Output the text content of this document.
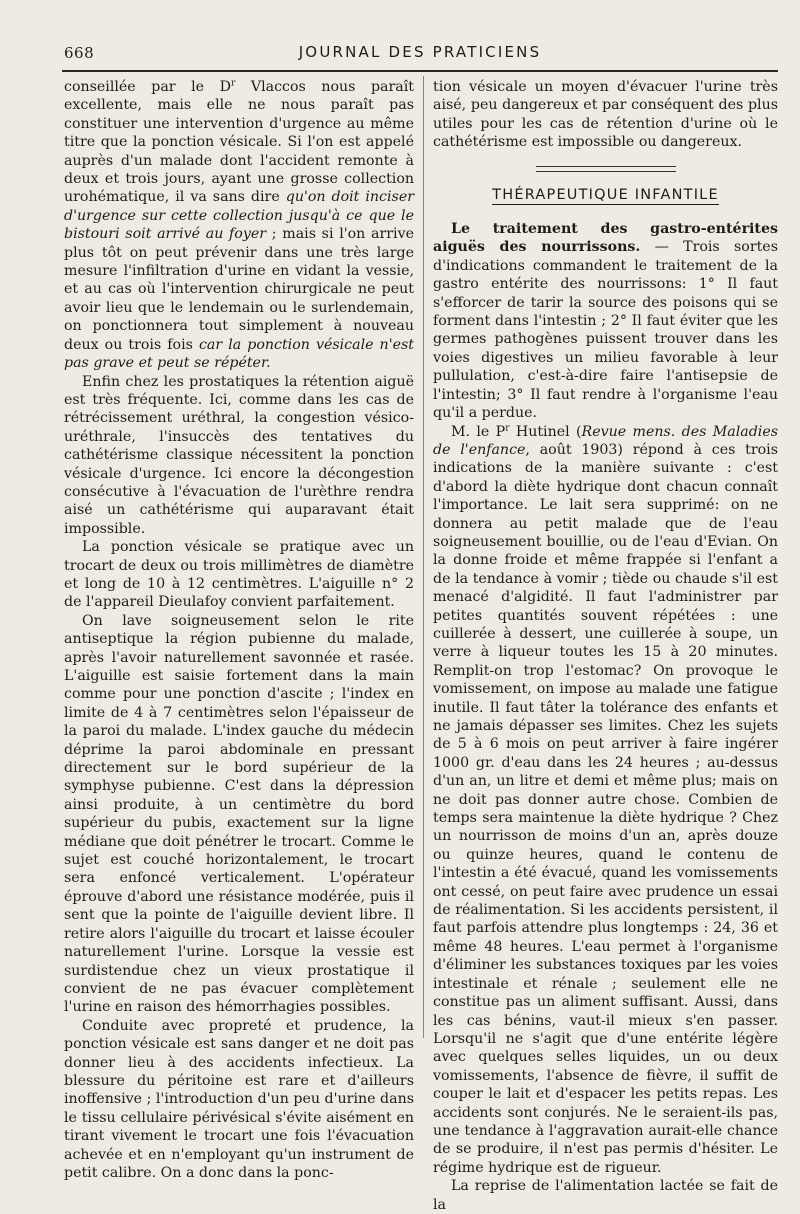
668	JOURNAL DES PRATICIENS

conseillée par le $D^r$ Vlaccos nous paraît excellente, mais elle ne nous paraît pas constituer une intervention d'urgence au même titre que la ponction vésicale. Si l'on est appelé auprès d'un malade dont l'accident remonte à deux et trois jours, ayant une grosse collection urohématique, il va sans dire qu'on doit inciser d'urgence sur cette collection jusqu'à ce que le bistouri soit arrivé au foyer ; mais si l'on arrive plus tôt on peut prévenir dans une très large mesure l'infiltration d'urine en vidant la vessie, et au cas où l'intervention chirurgicale ne peut avoir lieu que le lendemain ou le surlendemain, on ponctionnera tout simplement à nouveau deux ou trois fois car la ponction vésicale n'est pas grave et peut se répéter.

Enfin chez les prostatiques la rétention aiguë est très fréquente. Ici, comme dans les cas de rétrécissement uréthral, la congestion vésico-uréthrale, l'insuccès des tentatives du cathétérisme classique nécessitent la ponction vésicale d'urgence. Ici encore la décongestion consécutive à l'évacuation de l'urèthre rendra aisé un cathétérisme qui auparavant était impossible.

La ponction vésicale se pratique avec un trocart de deux ou trois millimètres de diamètre et long de 10 à 12 centimètres. L'aiguille n° 2 de l'appareil Dieulafoy convient parfaitement.

On lave soigneusement selon le rite antiseptique la région pubienne du malade, après l'avoir naturellement savonnée et rasée. L'aiguille est saisie fortement dans la main comme pour une ponction d'ascite ; l'index en limite de 4 à 7 centimètres selon l'épaisseur de la paroi du malade. L'index gauche du médecin déprime la paroi abdominale en pressant directement sur le bord supérieur de la symphyse pubienne. C'est dans la dépression ainsi produite, à un centimètre du bord supérieur du pubis, exactement sur la ligne médiane que doit pénétrer le trocart. Comme le sujet est couché horizontalement, le trocart sera enfoncé verticalement. L'opérateur éprouve d'abord une résistance modérée, puis il sent que la pointe de l'aiguille devient libre. Il retire alors l'aiguille du trocart et laisse écouler naturellement l'urine. Lorsque la vessie est surdistendue chez un vieux prostatique il convient de ne pas évacuer complètement l'urine en raison des hémorrhagies possibles.

Conduite avec propreté et prudence, la ponction vésicale est sans danger et ne doit pas donner lieu à des accidents infectieux. La blessure du péritoine est rare et d'ailleurs inoffensive ; l'introduction d'un peu d'urine dans le tissu cellulaire périvésical s'évite aisément en tirant vivement le trocart une fois l'évacuation achevée et en n'employant qu'un instrument de petit calibre. On a donc dans la ponc-

tion vésicale un moyen d'évacuer l'urine très aisé, peu dangereux et par conséquent des plus utiles pour les cas de rétention d'urine où le cathétérisme est impossible ou dangereux.

THÉRAPEUTIQUE INFANTILE

Le traitement des gastro-entérites aiguës des nourrissons. — Trois sortes d'indications commandent le traitement de la gastro entérite des nourrissons: 1° Il faut s'efforcer de tarir la source des poisons qui se forment dans l'intestin ; 2° Il faut éviter que les germes pathogènes puissent trouver dans les voies digestives un milieu favorable à leur pullulation, c'est-à-dire faire l'antisepsie de l'intestin; 3° Il faut rendre à l'organisme l'eau qu'il a perdue.

M. le $P^r$ Hutinel (Revue mens. des Maladies de l'enfance, août 1903) répond à ces trois indications de la manière suivante : c'est d'abord la diète hydrique dont chacun connaît l'importance. Le lait sera supprimé: on ne donnera au petit malade que de l'eau soigneusement bouillie, ou de l'eau d'Evian. On la donne froide et même frappée si l'enfant a de la tendance à vomir ; tiède ou chaude s'il est menacé d'algidité. Il faut l'administrer par petites quantités souvent répétées : une cuillerée à dessert, une cuillerée à soupe, un verre à liqueur toutes les 15 à 20 minutes. Remplit-on trop l'estomac? On provoque le vomissement, on impose au malade une fatigue inutile. Il faut tâter la tolérance des enfants et ne jamais dépasser ses limites. Chez les sujets de 5 à 6 mois on peut arriver à faire ingérer 1000 gr. d'eau dans les 24 heures ; au-dessus d'un an, un litre et demi et même plus; mais on ne doit pas donner autre chose. Combien de temps sera maintenue la diète hydrique ? Chez un nourrisson de moins d'un an, après douze ou quinze heures, quand le contenu de l'intestin a été évacué, quand les vomissements ont cessé, on peut faire avec prudence un essai de réalimentation. Si les accidents persistent, il faut parfois attendre plus longtemps : 24, 36 et même 48 heures. L'eau permet à l'organisme d'éliminer les substances toxiques par les voies intestinale et rénale ; seulement elle ne constitue pas un aliment suffisant. Aussi, dans les cas bénins, vaut-il mieux s'en passer. Lorsqu'il ne s'agit que d'une entérite légère avec quelques selles liquides, un ou deux vomissements, l'absence de fièvre, il suffit de couper le lait et d'espacer les petits repas. Les accidents sont conjurés. Ne le seraient-ils pas, une tendance à l'aggravation aurait-elle chance de se produire, il n'est pas permis d'hésiter. Le régime hydrique est de rigueur.

La reprise de l'alimentation lactée se fait de la
